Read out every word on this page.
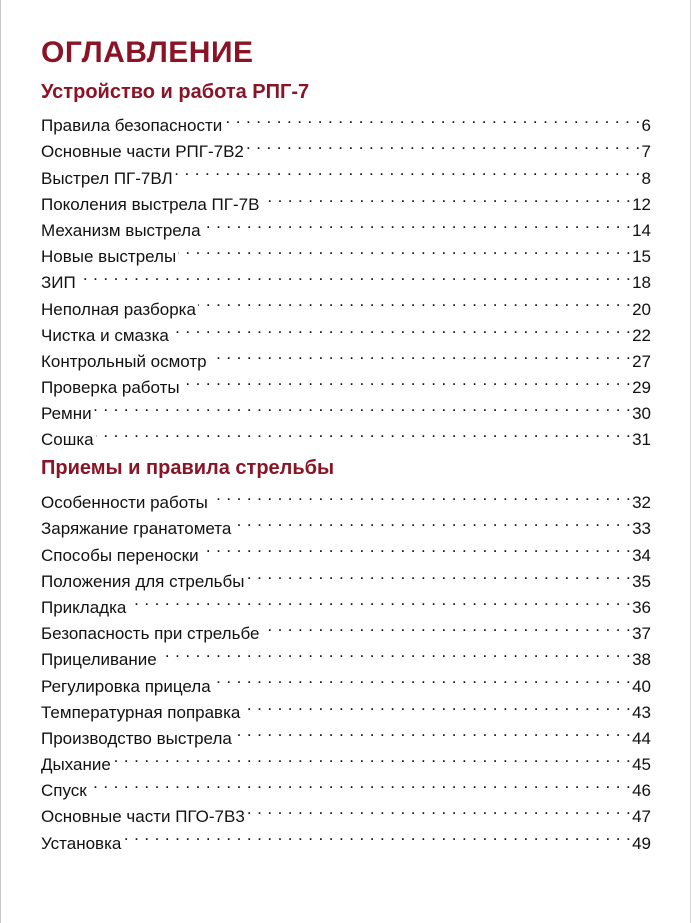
ОГЛАВЛЕНИЕ
Устройство и работа РПГ-7
Правила безопасности . . .	6
Основные части РПГ-7В2 . . .	7
Выстрел ПГ-7ВЛ . . .	8
Поколения выстрела ПГ-7В . . .	12
Механизм выстрела . . .	14
Новые выстрелы . . .	15
ЗИП . . .	18
Неполная разборка . . .	20
Чистка и смазка . . .	22
Контрольный осмотр . . .	27
Проверка работы . . .	29
Ремни . . .	30
Сошка . . .	31
Приемы и правила стрельбы
Особенности работы . . .	32
Заряжание гранатомета . . .	33
Способы переноски . . .	34
Положения для стрельбы . . .	35
Прикладка . . .	36
Безопасность при стрельбе . . .	37
Прицеливание . . .	38
Регулировка прицела . . .	40
Температурная поправка . . .	43
Производство выстрела . . .	44
Дыхание . . .	45
Спуск . . .	46
Основные части ПГО-7В3 . . .	47
Установка . . .	49
